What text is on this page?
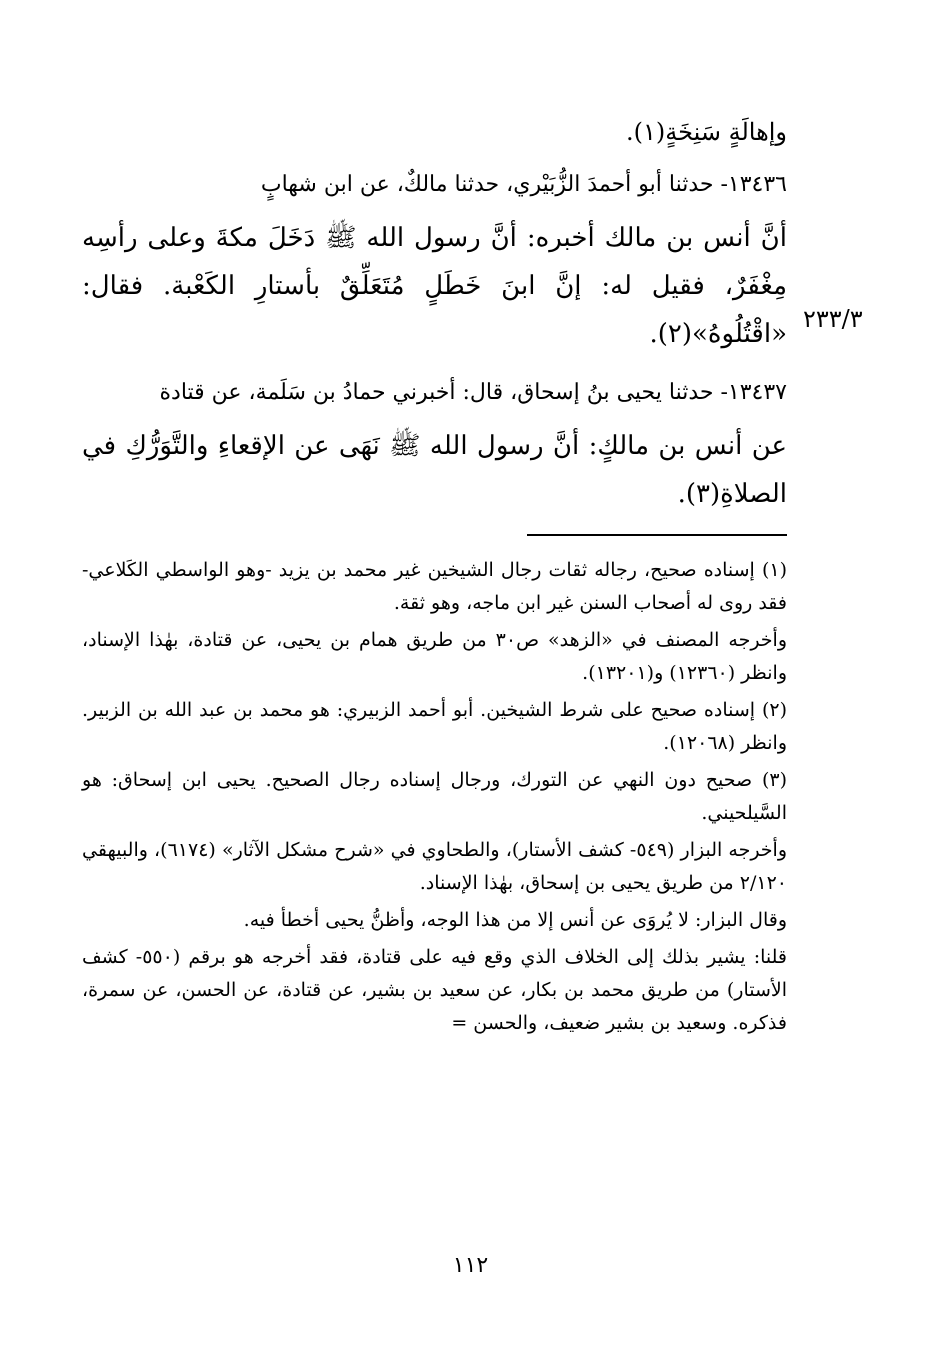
٢٣٣/٣

وإهالَةٍ سَنِخَةٍ(١).

١٣٤٣٦- حدثنا أبو أحمدَ الزُّبَيْري، حدثنا مالكٌ، عن ابن شهابٍ

أنَّ أنس بن مالك أخبره: أنَّ رسول الله ﷺ دَخَلَ مكةَ وعلى رأسِه مِغْفَرٌ، فقيل له: إنَّ ابنَ خَطَلٍ مُتَعَلِّقٌ بأستارِ الكَعْبة. فقال: «اقْتُلُوهُ»(٢).

١٣٤٣٧- حدثنا يحيى بنُ إسحاق، قال: أخبرني حمادُ بن سَلَمة، عن قتادة

عن أنس بن مالكٍ: أنَّ رسول الله ﷺ نَهَى عن الإقعاءِ والتَّوَرُّكِ في الصلاةِ(٣).

(١) إسناده صحيح، رجاله ثقات رجال الشيخين غير محمد بن يزيد -وهو الواسطي الكَلاعي- فقد روى له أصحاب السنن غير ابن ماجه، وهو ثقة.

وأخرجه المصنف في «الزهد» ص٣٠ من طريق همام بن يحيى، عن قتادة، بهٰذا الإسناد، وانظر (١٢٣٦٠) و(١٣٢٠١).

(٢) إسناده صحيح على شرط الشيخين. أبو أحمد الزبيري: هو محمد بن عبد الله بن الزبير. وانظر (١٢٠٦٨).

(٣) صحيح دون النهي عن التورك، ورجال إسناده رجال الصحيح. يحيى ابن إسحاق: هو السَّيلحيني.

وأخرجه البزار (٥٤٩- كشف الأستار)، والطحاوي في «شرح مشكل الآثار» (٦١٧٤)، والبيهقي ٢/١٢٠ من طريق يحيى بن إسحاق، بهٰذا الإسناد.

وقال البزار: لا يُروَى عن أنس إلا من هذا الوجه، وأظنُّ يحيى أخطأ فيه.

قلنا: يشير بذلك إلى الخلاف الذي وقع فيه على قتادة، فقد أخرجه هو برقم (٥٥٠- كشف الأستار) من طريق محمد بن بكار، عن سعيد بن بشير، عن قتادة، عن الحسن، عن سمرة، فذكره. وسعيد بن بشير ضعيف، والحسن =

١١٢
